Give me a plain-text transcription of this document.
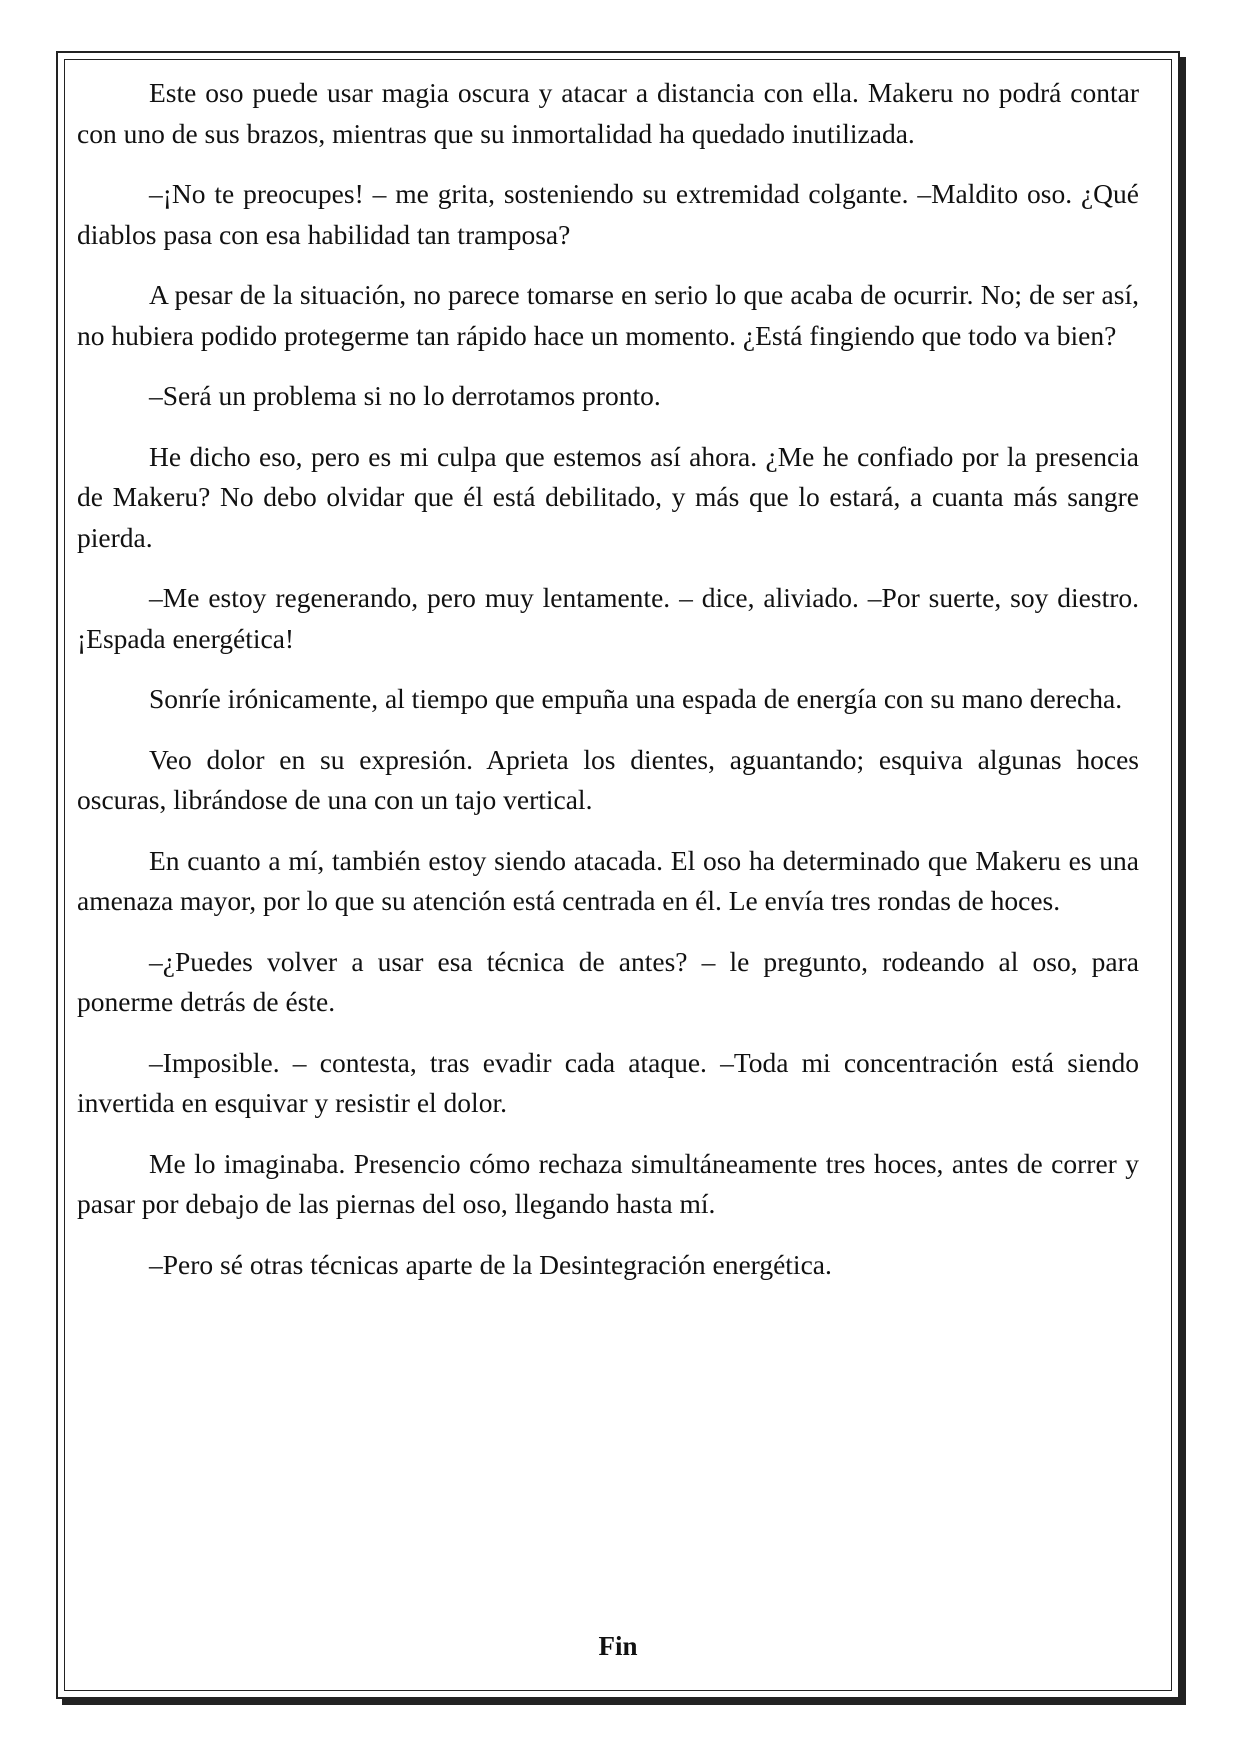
Este oso puede usar magia oscura y atacar a distancia con ella. Makeru no podrá contar con uno de sus brazos, mientras que su inmortalidad ha quedado inutilizada.

–¡No te preocupes! – me grita, sosteniendo su extremidad colgante. –Maldito oso. ¿Qué diablos pasa con esa habilidad tan tramposa?

A pesar de la situación, no parece tomarse en serio lo que acaba de ocurrir. No; de ser así, no hubiera podido protegerme tan rápido hace un momento. ¿Está fingiendo que todo va bien?

–Será un problema si no lo derrotamos pronto.

He dicho eso, pero es mi culpa que estemos así ahora. ¿Me he confiado por la presencia de Makeru? No debo olvidar que él está debilitado, y más que lo estará, a cuanta más sangre pierda.

–Me estoy regenerando, pero muy lentamente. – dice, aliviado. –Por suerte, soy diestro. ¡Espada energética!

Sonríe irónicamente, al tiempo que empuña una espada de energía con su mano derecha.

Veo dolor en su expresión. Aprieta los dientes, aguantando; esquiva algunas hoces oscuras, librándose de una con un tajo vertical.

En cuanto a mí, también estoy siendo atacada. El oso ha determinado que Makeru es una amenaza mayor, por lo que su atención está centrada en él. Le envía tres rondas de hoces.

–¿Puedes volver a usar esa técnica de antes? – le pregunto, rodeando al oso, para ponerme detrás de éste.

–Imposible. – contesta, tras evadir cada ataque. –Toda mi concentración está siendo invertida en esquivar y resistir el dolor.

Me lo imaginaba. Presencio cómo rechaza simultáneamente tres hoces, antes de correr y pasar por debajo de las piernas del oso, llegando hasta mí.

–Pero sé otras técnicas aparte de la Desintegración energética.

Fin
